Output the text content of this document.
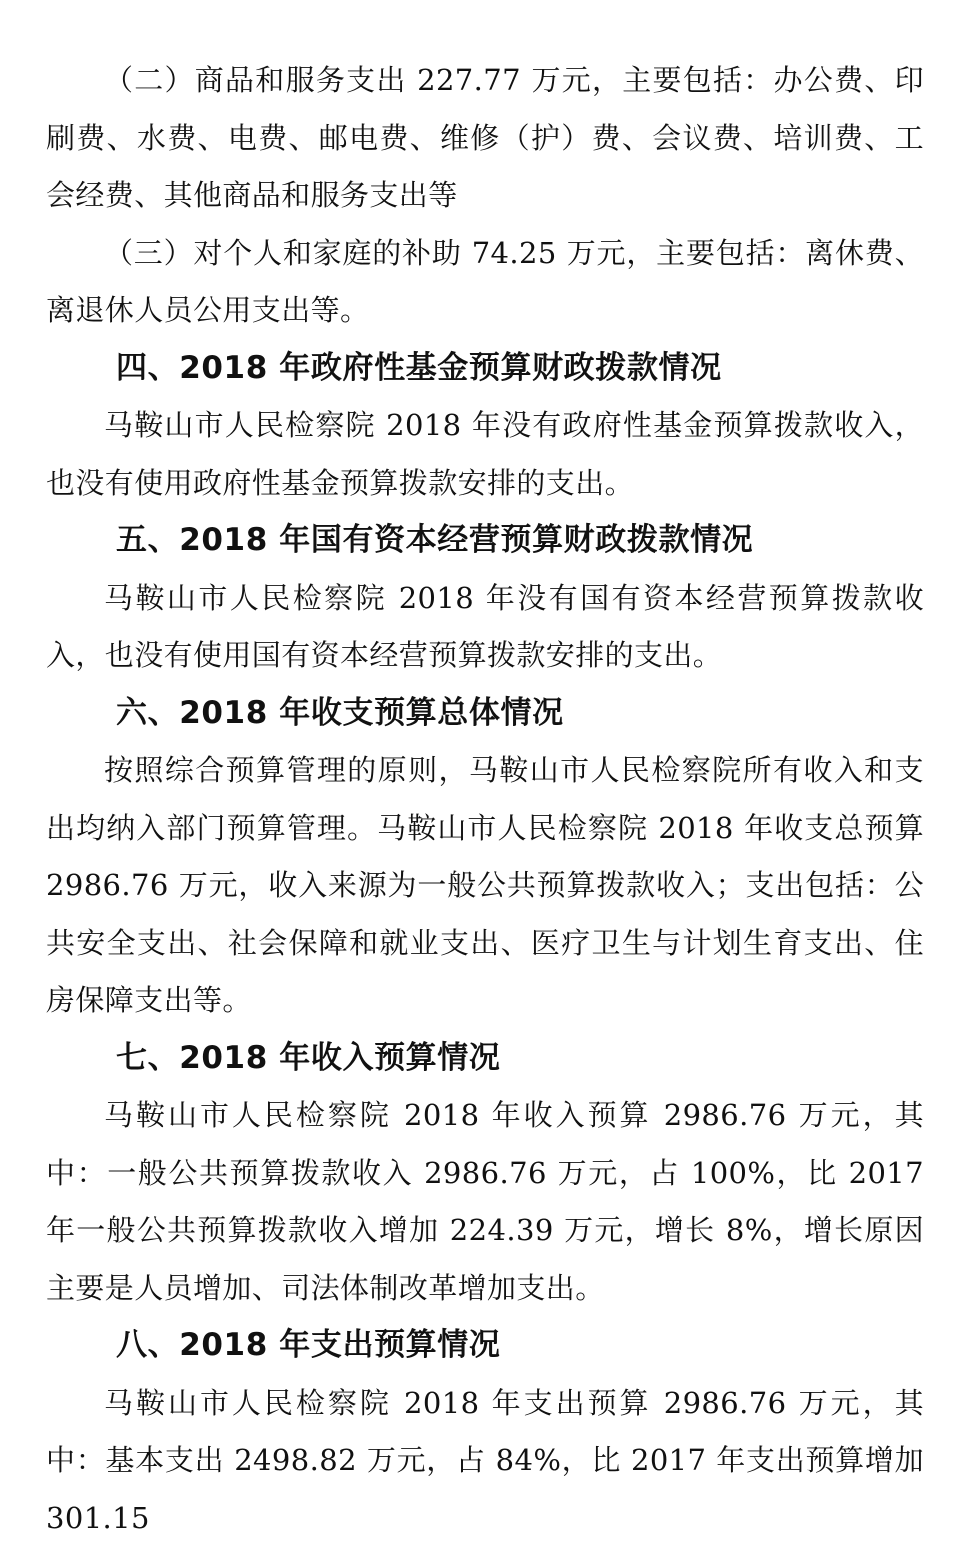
（二）商品和服务支出 227.77 万元，主要包括：办公费、印刷费、水费、电费、邮电费、维修（护）费、会议费、培训费、工会经费、其他商品和服务支出等

（三）对个人和家庭的补助 74.25 万元，主要包括：离休费、离退休人员公用支出等。

四、2018 年政府性基金预算财政拨款情况

马鞍山市人民检察院 2018 年没有政府性基金预算拨款收入，也没有使用政府性基金预算拨款安排的支出。

五、2018 年国有资本经营预算财政拨款情况

马鞍山市人民检察院 2018 年没有国有资本经营预算拨款收入，也没有使用国有资本经营预算拨款安排的支出。

六、2018 年收支预算总体情况

按照综合预算管理的原则，马鞍山市人民检察院所有收入和支出均纳入部门预算管理。马鞍山市人民检察院 2018 年收支总预算 2986.76 万元，收入来源为一般公共预算拨款收入；支出包括：公共安全支出、社会保障和就业支出、医疗卫生与计划生育支出、住房保障支出等。

七、2018 年收入预算情况

马鞍山市人民检察院 2018 年收入预算 2986.76 万元，其中：一般公共预算拨款收入 2986.76 万元，占 100%，比 2017 年一般公共预算拨款收入增加 224.39 万元，增长 8%，增长原因主要是人员增加、司法体制改革增加支出。

八、2018 年支出预算情况

马鞍山市人民检察院 2018 年支出预算 2986.76 万元，其中：基本支出 2498.82 万元，占 84%，比 2017 年支出预算增加 301.15
